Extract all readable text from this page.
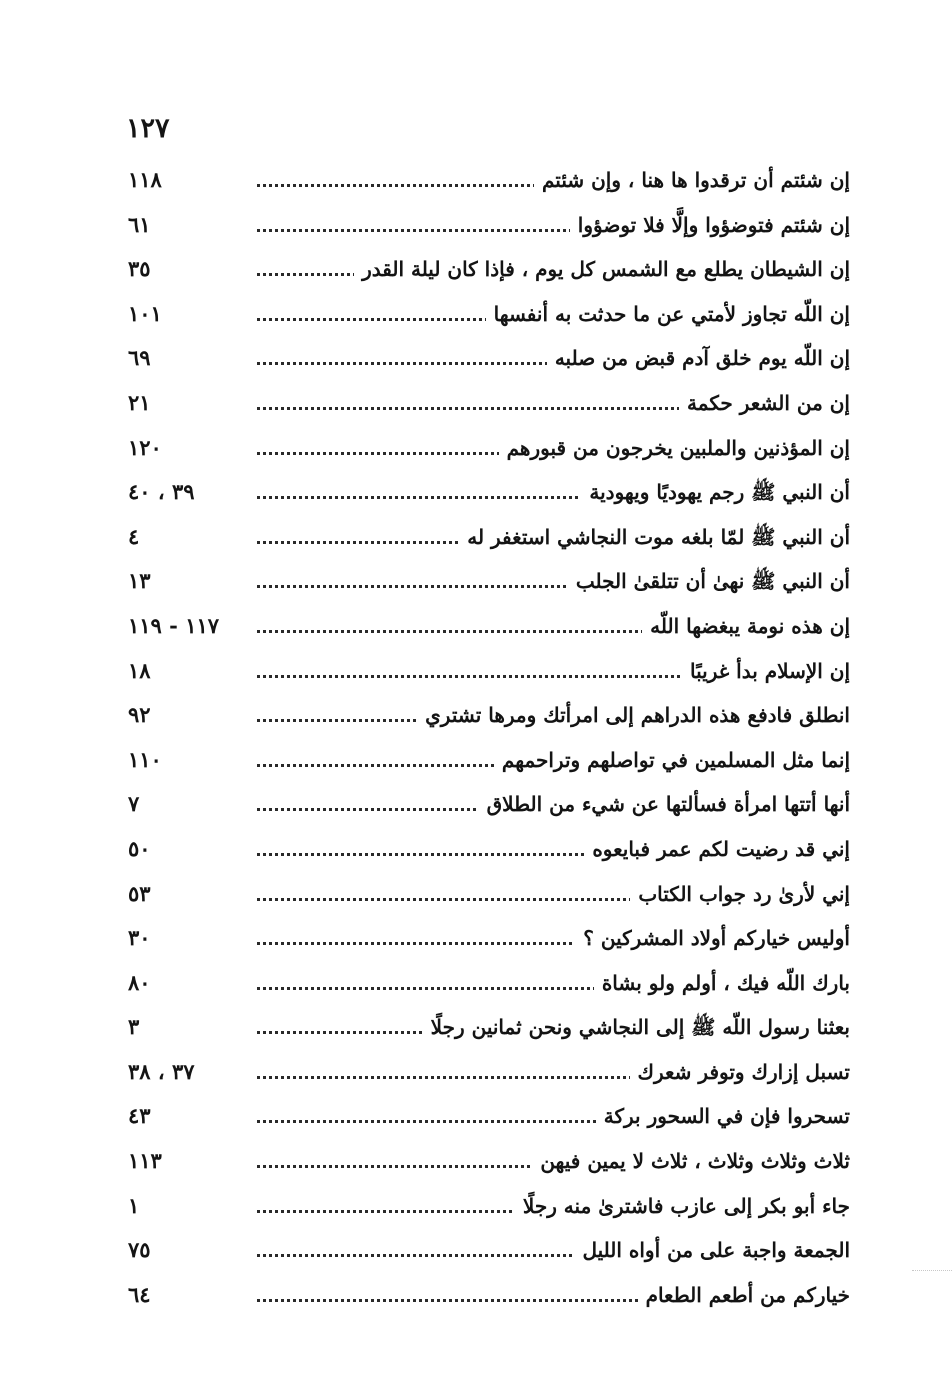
١٢٧
إن شئتم أن ترقدوا ها هنا ، وإن شئتم
١١٨
إن شئتم فتوضؤوا وإلَّا فلا توضؤوا
٦١
إن الشيطان يطلع مع الشمس كل يوم ، فإذا كان ليلة القدر
٣٥
إن اللّه تجاوز لأمتي عن ما حدثت به أنفسها
١٠١
إن اللّه يوم خلق آدم قبض من صلبه
٦٩
إن من الشعر حكمة
٢١
إن المؤذنين والملبين يخرجون من قبورهم
١٢٠
أن النبي ﷺ رجم يهوديًا ويهودية
٣٩ ، ٤٠
أن النبي ﷺ لمّا بلغه موت النجاشي استغفر له
٤
أن النبي ﷺ نهىٰ أن تتلقىٰ الجلب
١٣
إن هذه نومة يبغضها اللّه
١١٧ - ١١٩
إن الإسلام بدأ غريبًا
١٨
انطلق فادفع هذه الدراهم إلى امرأتك ومرها تشتري
٩٢
إنما مثل المسلمين في تواصلهم وتراحمهم
١١٠
أنها أتتها امرأة فسألتها عن شيء من الطلاق
٧
إني قد رضيت لكم عمر فبايعوه
٥٠
إني لأرىٰ رد جواب الكتاب
٥٣
أوليس خياركم أولاد المشركين ؟
٣٠
بارك اللّه فيك ، أولم ولو بشاة
٨٠
بعثنا رسول اللّه ﷺ إلى النجاشي ونحن ثمانين رجلًا
٣
تسبل إزارك وتوفر شعرك
٣٧ ، ٣٨
تسحروا فإن في السحور بركة
٤٣
ثلاث وثلاث وثلاث ، ثلاث لا يمين فيهن
١١٣
جاء أبو بكر إلى عازب فاشترىٰ منه رجلًا
١
الجمعة واجبة على من أواه الليل
٧٥
خياركم من أطعم الطعام
٦٤
